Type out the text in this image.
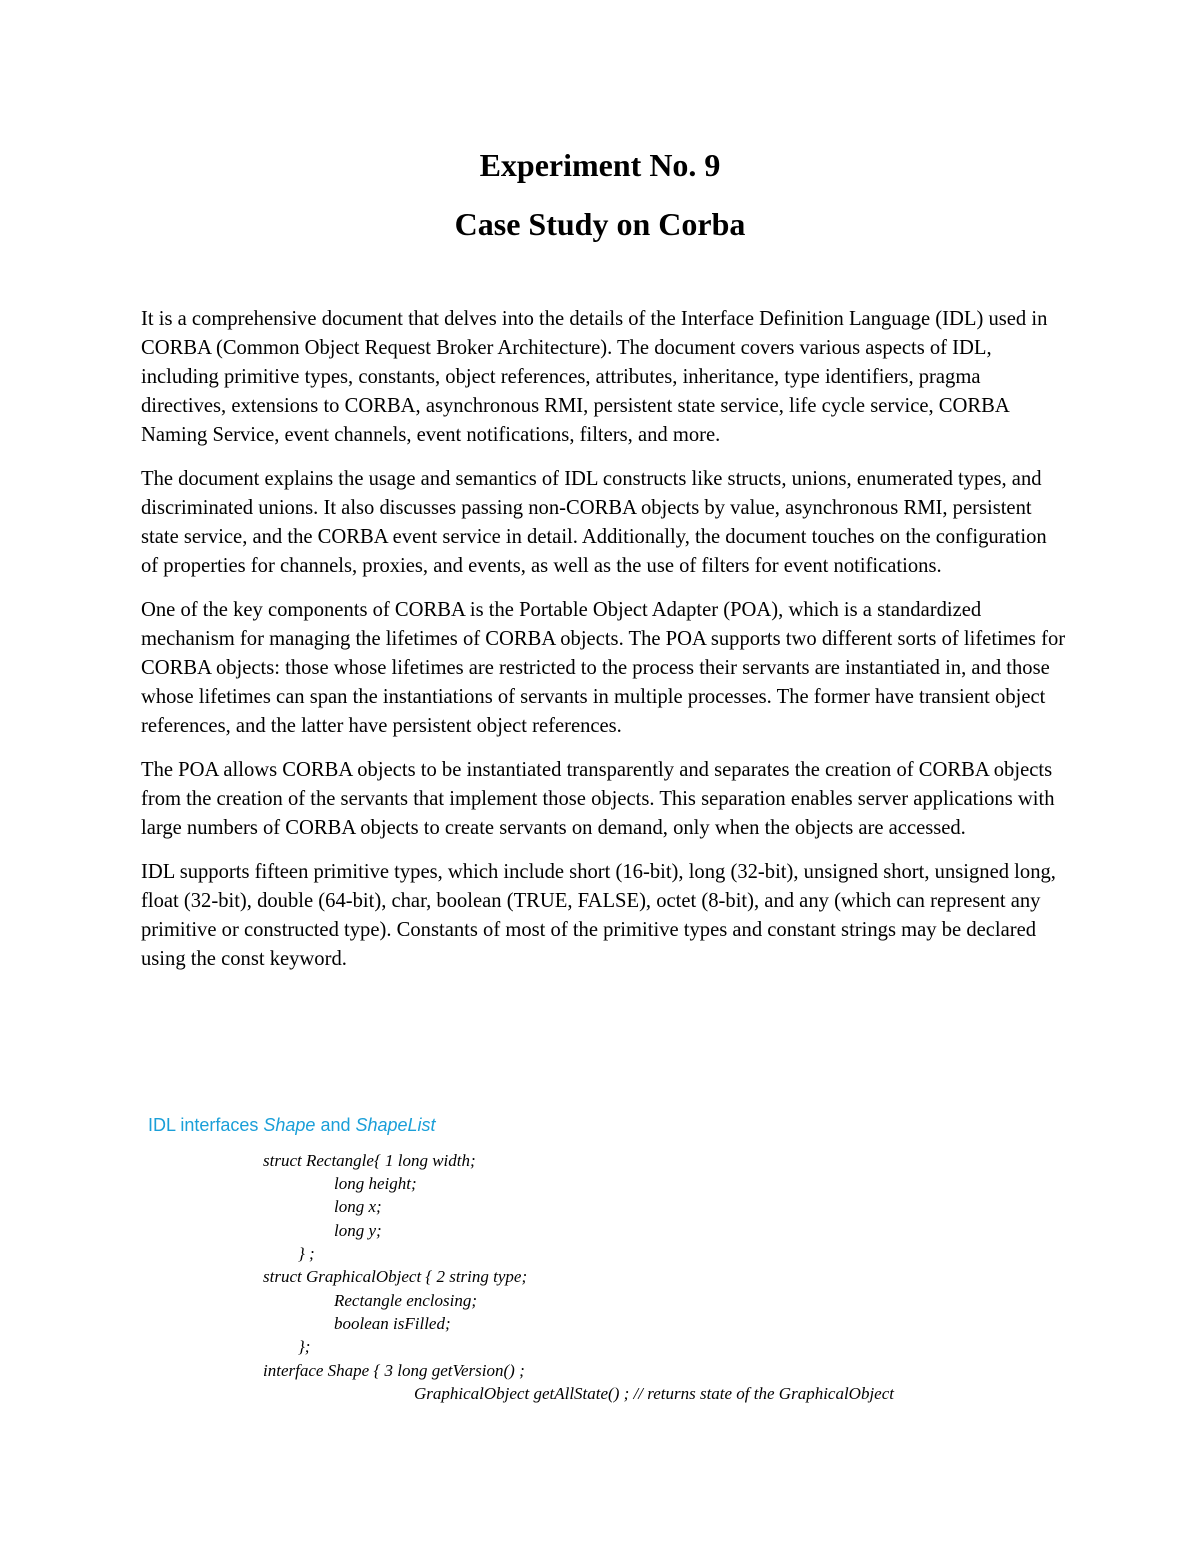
Experiment No. 9
Case Study on Corba

It is a comprehensive document that delves into the details of the Interface Definition Language (IDL) used in CORBA (Common Object Request Broker Architecture). The document covers various aspects of IDL, including primitive types, constants, object references, attributes, inheritance, type identifiers, pragma directives, extensions to CORBA, asynchronous RMI, persistent state service, life cycle service, CORBA Naming Service, event channels, event notifications, filters, and more.

The document explains the usage and semantics of IDL constructs like structs, unions, enumerated types, and discriminated unions. It also discusses passing non-CORBA objects by value, asynchronous RMI, persistent state service, and the CORBA event service in detail. Additionally, the document touches on the configuration of properties for channels, proxies, and events, as well as the use of filters for event notifications.

One of the key components of CORBA is the Portable Object Adapter (POA), which is a standardized mechanism for managing the lifetimes of CORBA objects. The POA supports two different sorts of lifetimes for CORBA objects: those whose lifetimes are restricted to the process their servants are instantiated in, and those whose lifetimes can span the instantiations of servants in multiple processes. The former have transient object references, and the latter have persistent object references.

The POA allows CORBA objects to be instantiated transparently and separates the creation of CORBA objects from the creation of the servants that implement those objects. This separation enables server applications with large numbers of CORBA objects to create servants on demand, only when the objects are accessed.

IDL supports fifteen primitive types, which include short (16-bit), long (32-bit), unsigned short, unsigned long, float (32-bit), double (64-bit), char, boolean (TRUE, FALSE), octet (8-bit), and any (which can represent any primitive or constructed type). Constants of most of the primitive types and constant strings may be declared using the const keyword.

IDL interfaces Shape and ShapeList

struct Rectangle{ 1 long width;
long height;
long x;
long y;
} ;
struct GraphicalObject { 2 string type;
Rectangle enclosing;
boolean isFilled;
};
interface Shape { 3 long getVersion() ;
GraphicalObject getAllState() ; // returns state of the GraphicalObject
